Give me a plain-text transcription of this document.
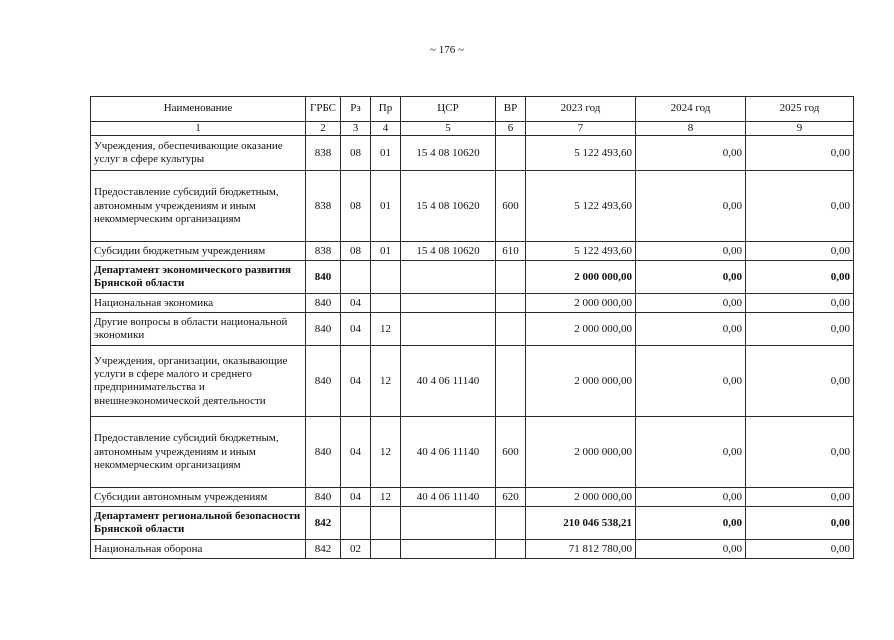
~ 176 ~
Наименование	ГРБС	Рз	Пр	ЦСР	ВР	2023 год	2024 год	2025 год
1	2	3	4	5	6	7	8	9
Учреждения, обеспечивающие оказание услуг в сфере культуры	838	08	01	15 4 08 10620		5 122 493,60	0,00	0,00
Предоставление субсидий бюджетным, автономным учреждениям и иным некоммерческим организациям	838	08	01	15 4 08 10620	600	5 122 493,60	0,00	0,00
Субсидии бюджетным учреждениям	838	08	01	15 4 08 10620	610	5 122 493,60	0,00	0,00
Департамент экономического развития Брянской области	840					2 000 000,00	0,00	0,00
Национальная экономика	840	04				2 000 000,00	0,00	0,00
Другие вопросы в области национальной экономики	840	04	12			2 000 000,00	0,00	0,00
Учреждения, организации, оказывающие услуги в сфере малого и среднего предпринимательства и внешнеэкономической деятельности	840	04	12	40 4 06 11140		2 000 000,00	0,00	0,00
Предоставление субсидий бюджетным, автономным учреждениям и иным некоммерческим организациям	840	04	12	40 4 06 11140	600	2 000 000,00	0,00	0,00
Субсидии автономным учреждениям	840	04	12	40 4 06 11140	620	2 000 000,00	0,00	0,00
Департамент региональной безопасности Брянской области	842					210 046 538,21	0,00	0,00
Национальная оборона	842	02				71 812 780,00	0,00	0,00
